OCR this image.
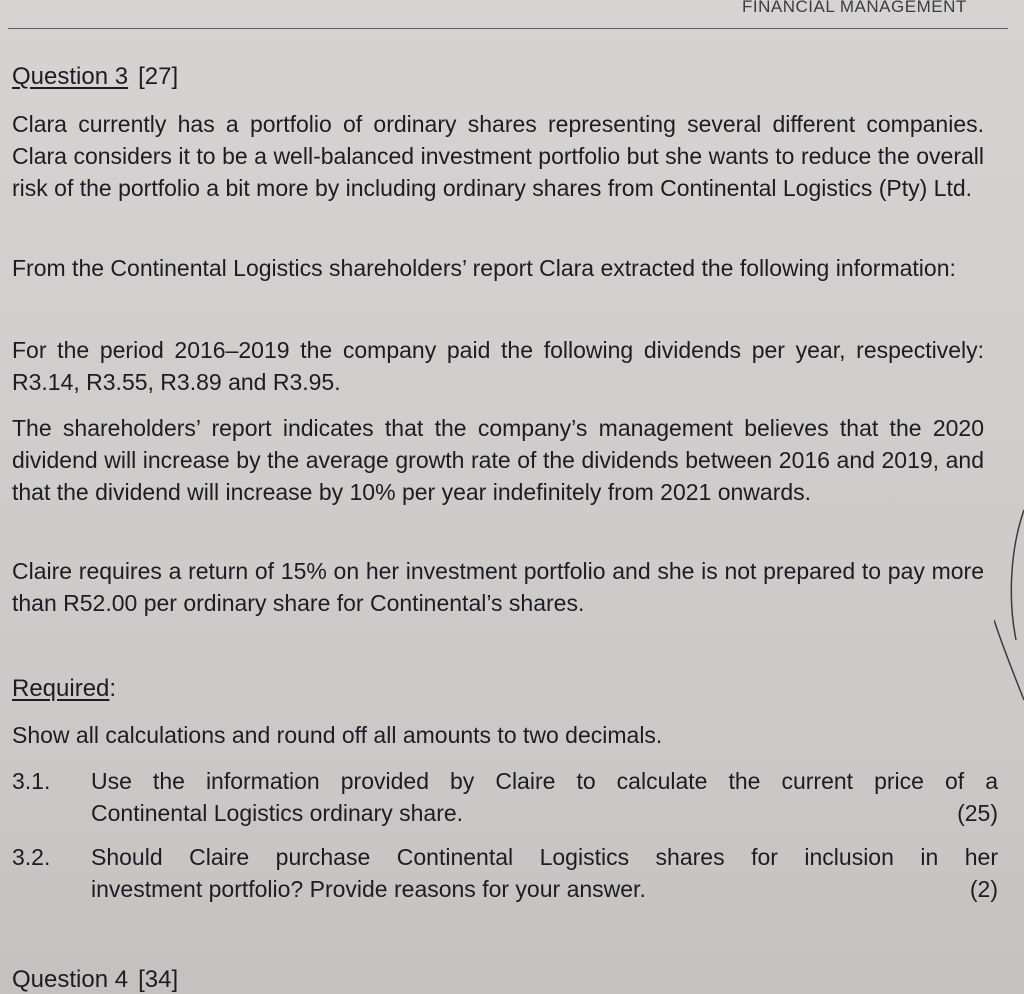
FINANCIAL MANAGEMENT
Question 3 [27]

Clara currently has a portfolio of ordinary shares representing several different companies. Clara considers it to be a well-balanced investment portfolio but she wants to reduce the overall risk of the portfolio a bit more by including ordinary shares from Continental Logistics (Pty) Ltd.

From the Continental Logistics shareholders’ report Clara extracted the following information:

For the period 2016–2019 the company paid the following dividends per year, respectively: R3.14, R3.55, R3.89 and R3.95.

The shareholders’ report indicates that the company’s management believes that the 2020 dividend will increase by the average growth rate of the dividends between 2016 and 2019, and that the dividend will increase by 10% per year indefinitely from 2021 onwards.

Claire requires a return of 15% on her investment portfolio and she is not prepared to pay more than R52.00 per ordinary share for Continental’s shares.

Required:

Show all calculations and round off all amounts to two decimals.

3.1. Use the information provided by Claire to calculate the current price of a
Continental Logistics ordinary share.	(25)
3.2. Should Claire purchase Continental Logistics shares for inclusion in her
investment portfolio? Provide reasons for your answer.	(2)
Question 4 [34]
